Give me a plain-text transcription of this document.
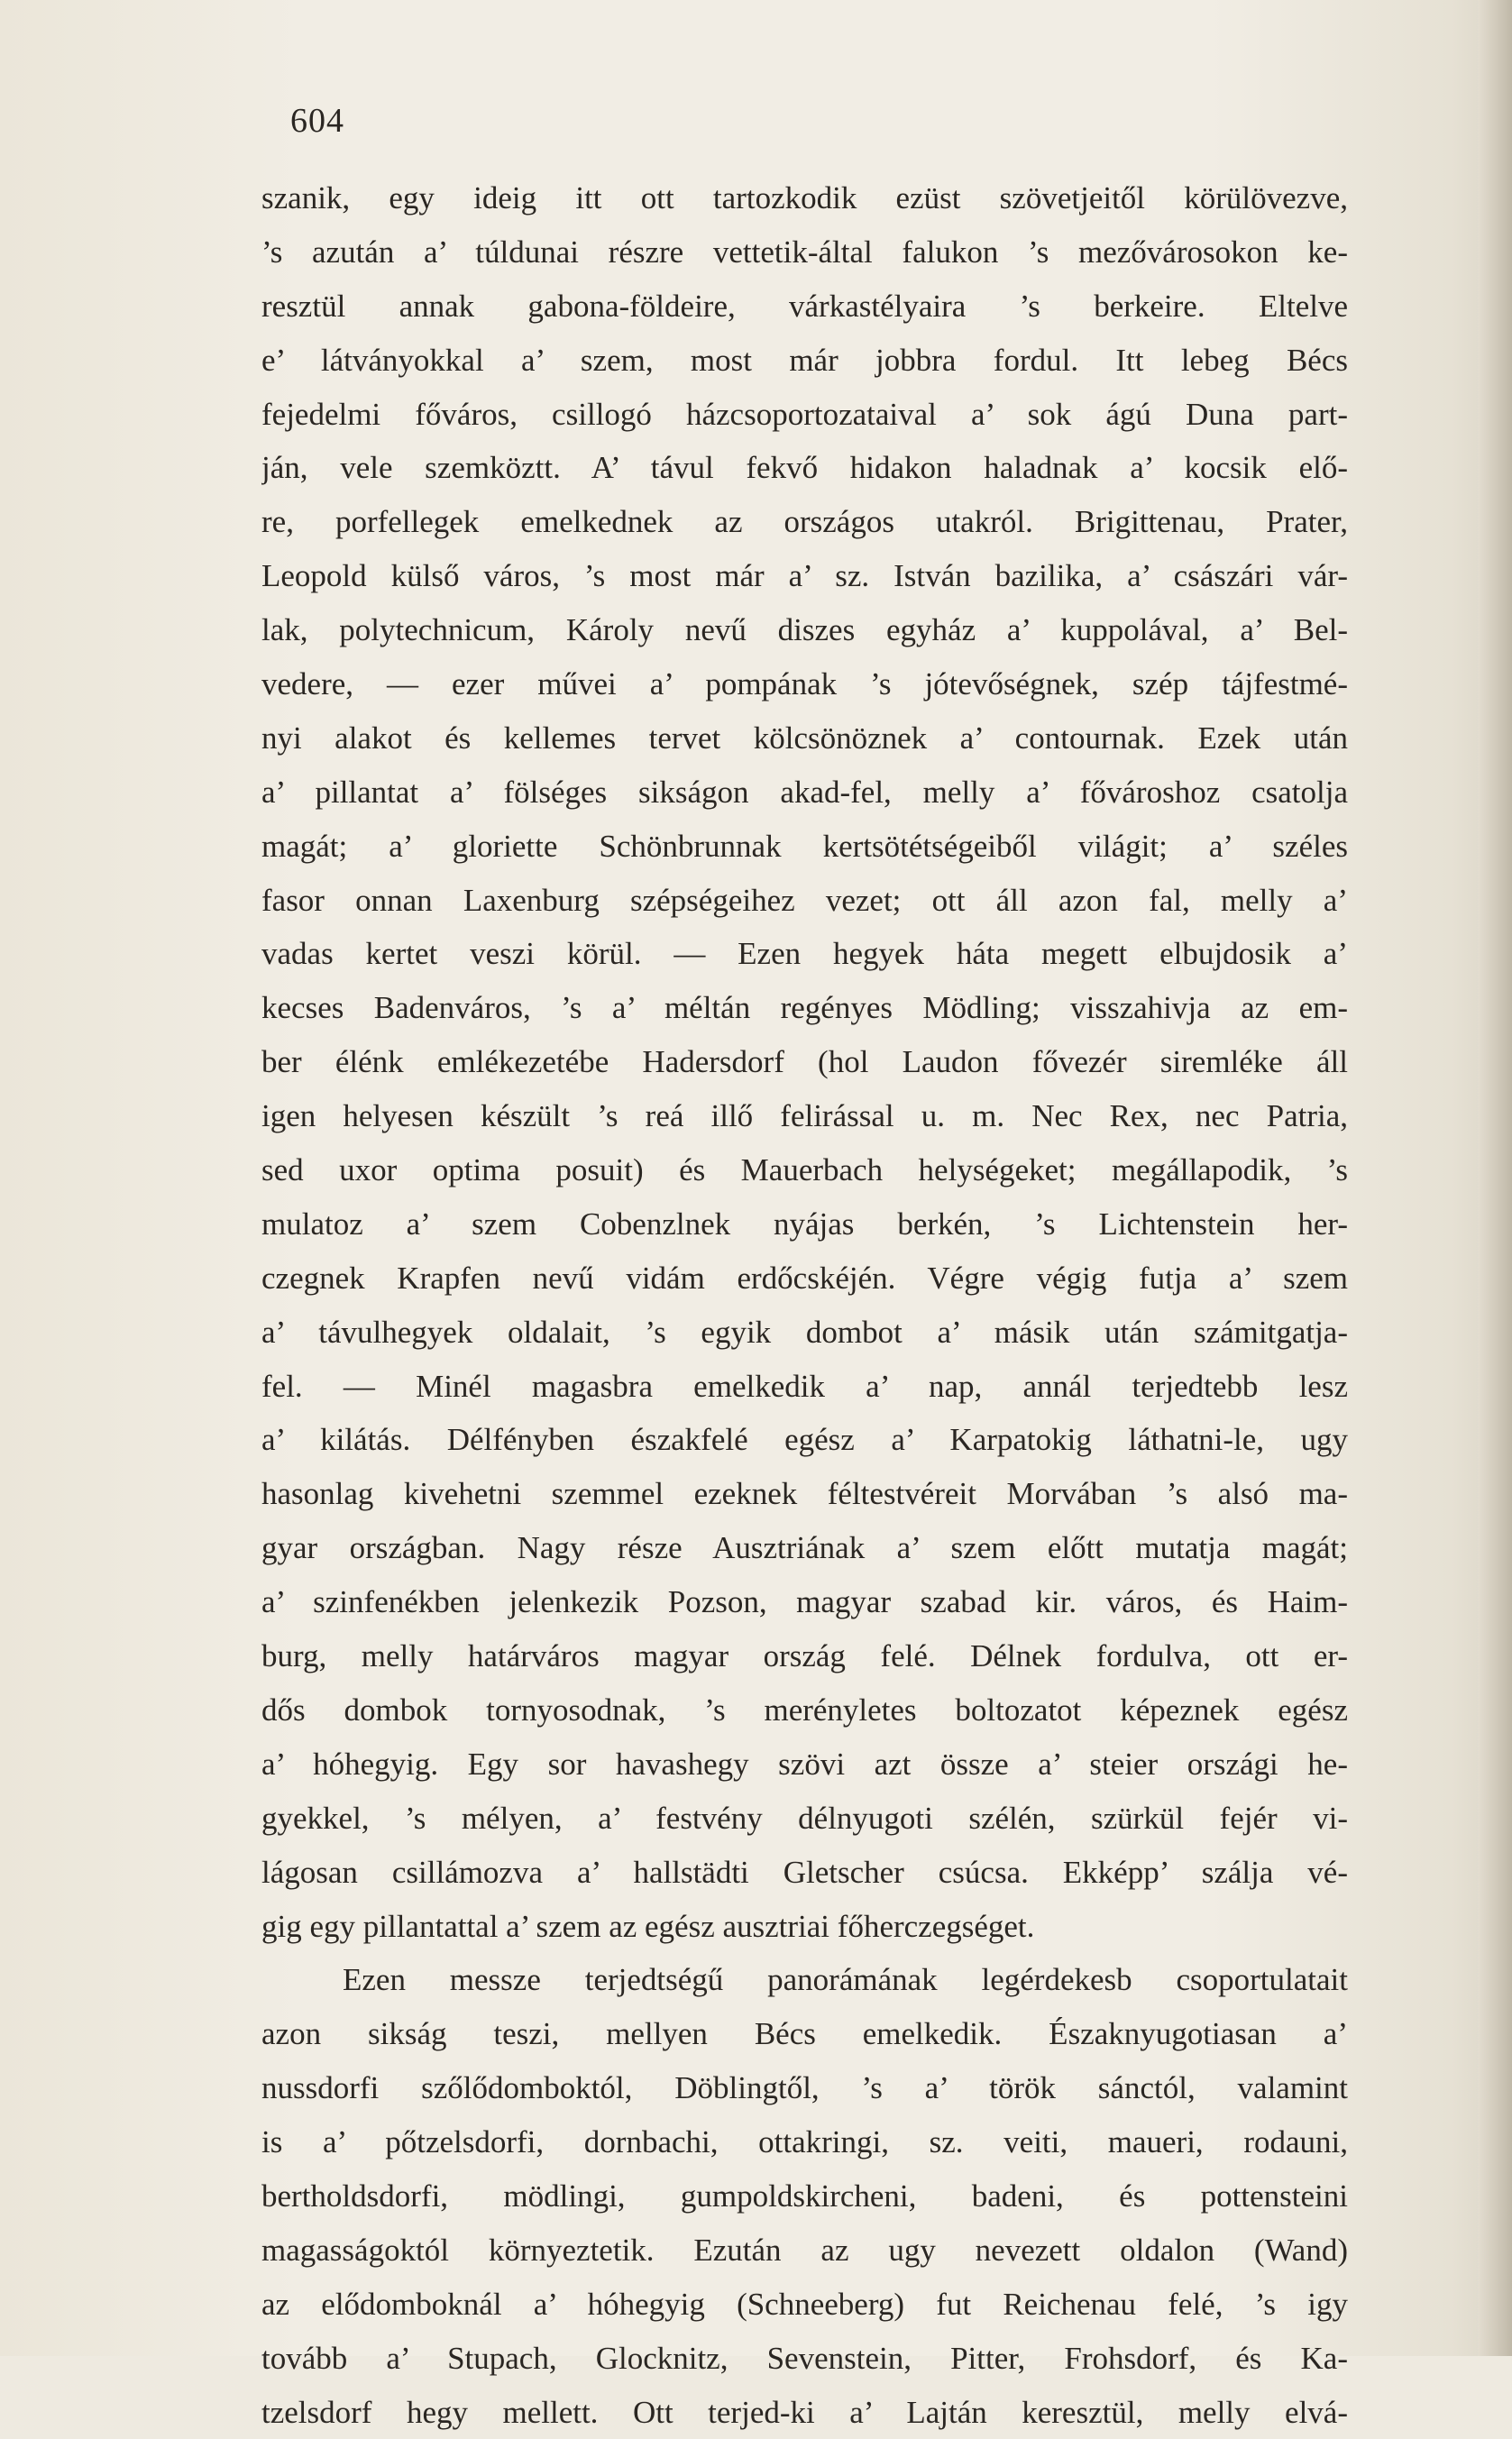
604

szanik, egy ideig itt ott tartozkodik ezüst szövetjeitől körülövezve,
’s azután a’ túldunai részre vettetik-által falukon ’s mezővárosokon ke-
resztül annak gabona-földeire, várkastélyaira ’s berkeire. Eltelve
e’ látványokkal a’ szem, most már jobbra fordul. Itt lebeg Bécs
fejedelmi főváros, csillogó házcsoportozataival a’ sok ágú Duna part-
ján, vele szemköztt. A’ távul fekvő hidakon haladnak a’ kocsik elő-
re, porfellegek emelkednek az országos utakról. Brigittenau, Prater,
Leopold külső város, ’s most már a’ sz. István bazilika, a’ császári vár-
lak, polytechnicum, Károly nevű diszes egyház a’ kuppolával, a’ Bel-
vedere, — ezer művei a’ pompának ’s jótevőségnek, szép tájfestmé-
nyi alakot és kellemes tervet kölcsönöznek a’ contournak. Ezek után
a’ pillantat a’ fölséges sikságon akad-fel, melly a’ fővároshoz csatolja
magát; a’ gloriette Schönbrunnak kertsötétségeiből világit; a’ széles
fasor onnan Laxenburg szépségeihez vezet; ott áll azon fal, melly a’
vadas kertet veszi körül. — Ezen hegyek háta megett elbujdosik a’
kecses Badenváros, ’s a’ méltán regényes Mödling; visszahivja az em-
ber élénk emlékezetébe Hadersdorf (hol Laudon fővezér siremléke áll
igen helyesen készült ’s reá illő felirással u. m. Nec Rex, nec Patria,
sed uxor optima posuit) és Mauerbach helységeket; megállapodik, ’s
mulatoz a’ szem Cobenzlnek nyájas berkén, ’s Lichtenstein her-
czegnek Krapfen nevű vidám erdőcskéjén. Végre végig futja a’ szem
a’ távulhegyek oldalait, ’s egyik dombot a’ másik után számitgatja-
fel. — Minél magasbra emelkedik a’ nap, annál terjedtebb lesz
a’ kilátás. Délfényben északfelé egész a’ Karpatokig láthatni-le, ugy
hasonlag kivehetni szemmel ezeknek féltestvéreit Morvában ’s alsó ma-
gyar országban. Nagy része Ausztriának a’ szem előtt mutatja magát;
a’ szinfenékben jelenkezik Pozson, magyar szabad kir. város, és Haim-
burg, melly határváros magyar ország felé. Délnek fordulva, ott er-
dős dombok tornyosodnak, ’s merényletes boltozatot képeznek egész
a’ hóhegyig. Egy sor havashegy szövi azt össze a’ steier országi he-
gyekkel, ’s mélyen, a’ festvény délnyugoti szélén, szürkül fejér vi-
lágosan csillámozva a’ hallstädti Gletscher csúcsa. Ekképp’ szálja vé-
gig egy pillantattal a’ szem az egész ausztriai főherczegséget.
Ezen messze terjedtségű panorámának legérdekesb csoportulatait
azon sikság teszi, mellyen Bécs emelkedik. Északnyugotiasan a’
nussdorfi szőlődomboktól, Döblingtől, ’s a’ török sánctól, valamint
is a’ pőtzelsdorfi, dornbachi, ottakringi, sz. veiti, maueri, rodauni,
bertholdsdorfi, mödlingi, gumpoldskircheni, badeni, és pottensteini
magasságoktól környeztetik. Ezután az ugy nevezett oldalon (Wand)
az elődomboknál a’ hóhegyig (Schneeberg) fut Reichenau felé, ’s igy
tovább a’ Stupach, Glocknitz, Sevenstein, Pitter, Frohsdorf, és Ka-
tzelsdorf hegy mellett. Ott terjed-ki a’ Lajtán keresztül, melly elvá-
